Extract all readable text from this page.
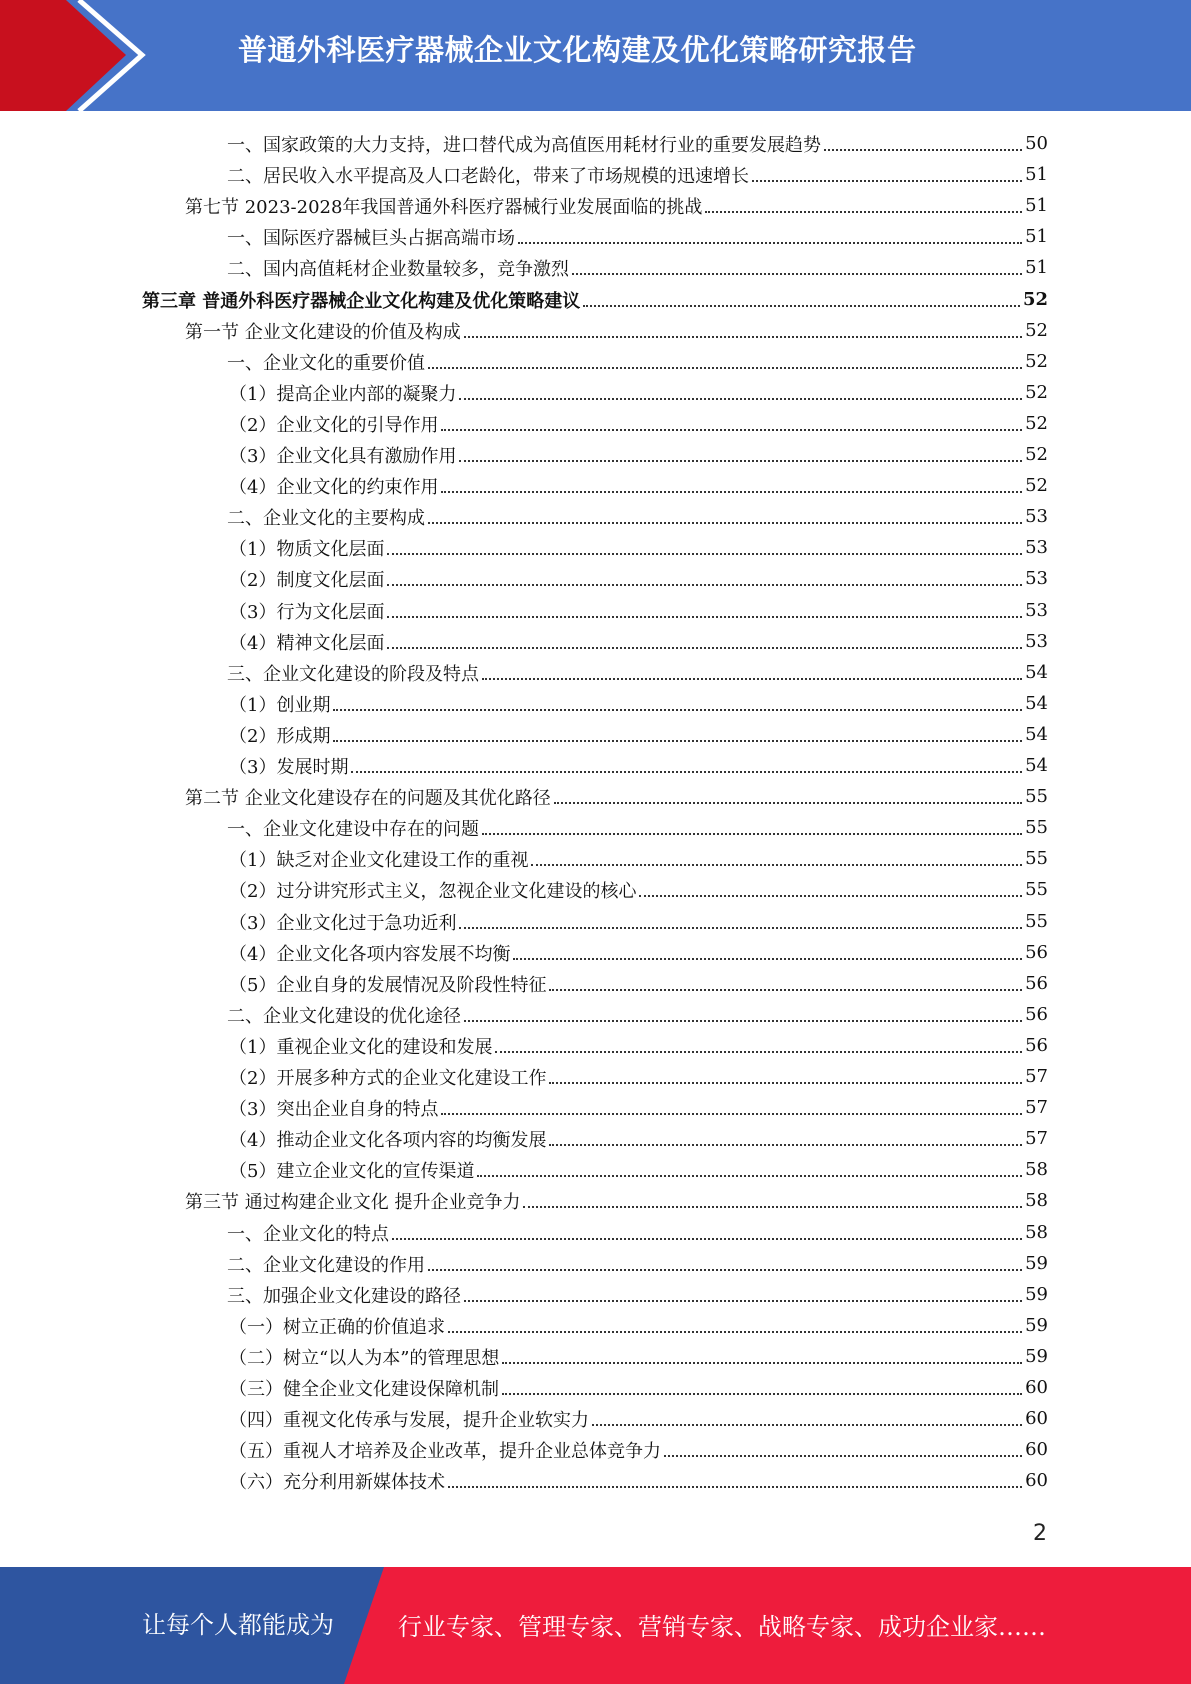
普通外科医疗器械企业文化构建及优化策略研究报告
一、国家政策的大力支持，进口替代成为高值医用耗材行业的重要发展趋势	50
二、居民收入水平提高及人口老龄化，带来了市场规模的迅速增长	51
第七节 2023-2028年我国普通外科医疗器械行业发展面临的挑战	51
一、国际医疗器械巨头占据高端市场	51
二、国内高值耗材企业数量较多，竞争激烈	51
第三章 普通外科医疗器械企业文化构建及优化策略建议	52
第一节 企业文化建设的价值及构成	52
一、企业文化的重要价值	52
（1）提高企业内部的凝聚力	52
（2）企业文化的引导作用	52
（3）企业文化具有激励作用	52
（4）企业文化的约束作用	52
二、企业文化的主要构成	53
（1）物质文化层面	53
（2）制度文化层面	53
（3）行为文化层面	53
（4）精神文化层面	53
三、企业文化建设的阶段及特点	54
（1）创业期	54
（2）形成期	54
（3）发展时期	54
第二节 企业文化建设存在的问题及其优化路径	55
一、企业文化建设中存在的问题	55
（1）缺乏对企业文化建设工作的重视	55
（2）过分讲究形式主义，忽视企业文化建设的核心	55
（3）企业文化过于急功近利	55
（4）企业文化各项内容发展不均衡	56
（5）企业自身的发展情况及阶段性特征	56
二、企业文化建设的优化途径	56
（1）重视企业文化的建设和发展	56
（2）开展多种方式的企业文化建设工作	57
（3）突出企业自身的特点	57
（4）推动企业文化各项内容的均衡发展	57
（5）建立企业文化的宣传渠道	58
第三节 通过构建企业文化 提升企业竞争力	58
一、企业文化的特点	58
二、企业文化建设的作用	59
三、加强企业文化建设的路径	59
（一）树立正确的价值追求	59
（二）树立“以人为本”的管理思想	59
（三）健全企业文化建设保障机制	60
（四）重视文化传承与发展，提升企业软实力	60
（五）重视人才培养及企业改革，提升企业总体竞争力	60
（六）充分利用新媒体技术	60
2
让每个人都能成为	行业专家、管理专家、营销专家、战略专家、成功企业家……
